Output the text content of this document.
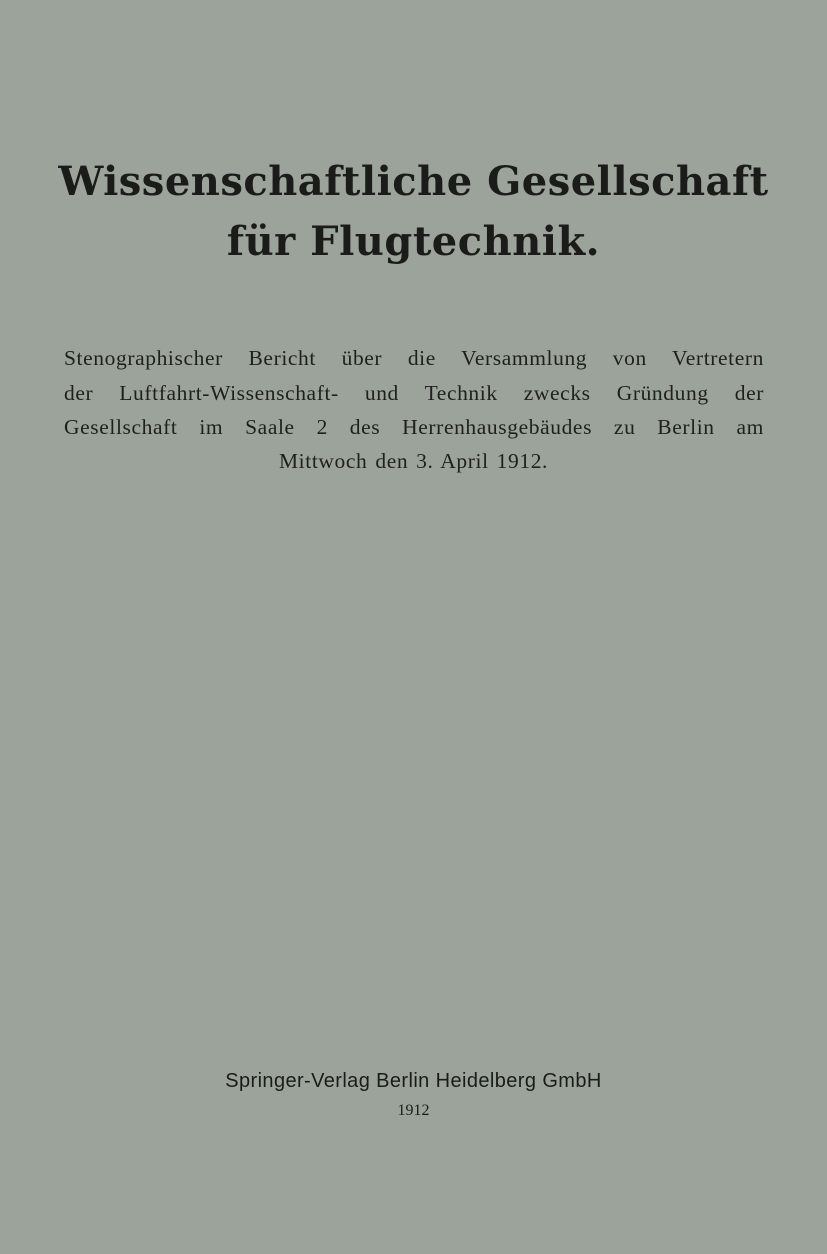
Wissenschaftliche Gesellschaft
für Flugtechnik.
Stenographischer Bericht über die Versammlung von Vertretern
der Luftfahrt-Wissenschaft- und Technik zwecks Gründung der
Gesellschaft im Saale 2 des Herrenhausgebäudes zu Berlin am
Mittwoch den 3. April 1912.
Springer-Verlag Berlin Heidelberg GmbH
1912
